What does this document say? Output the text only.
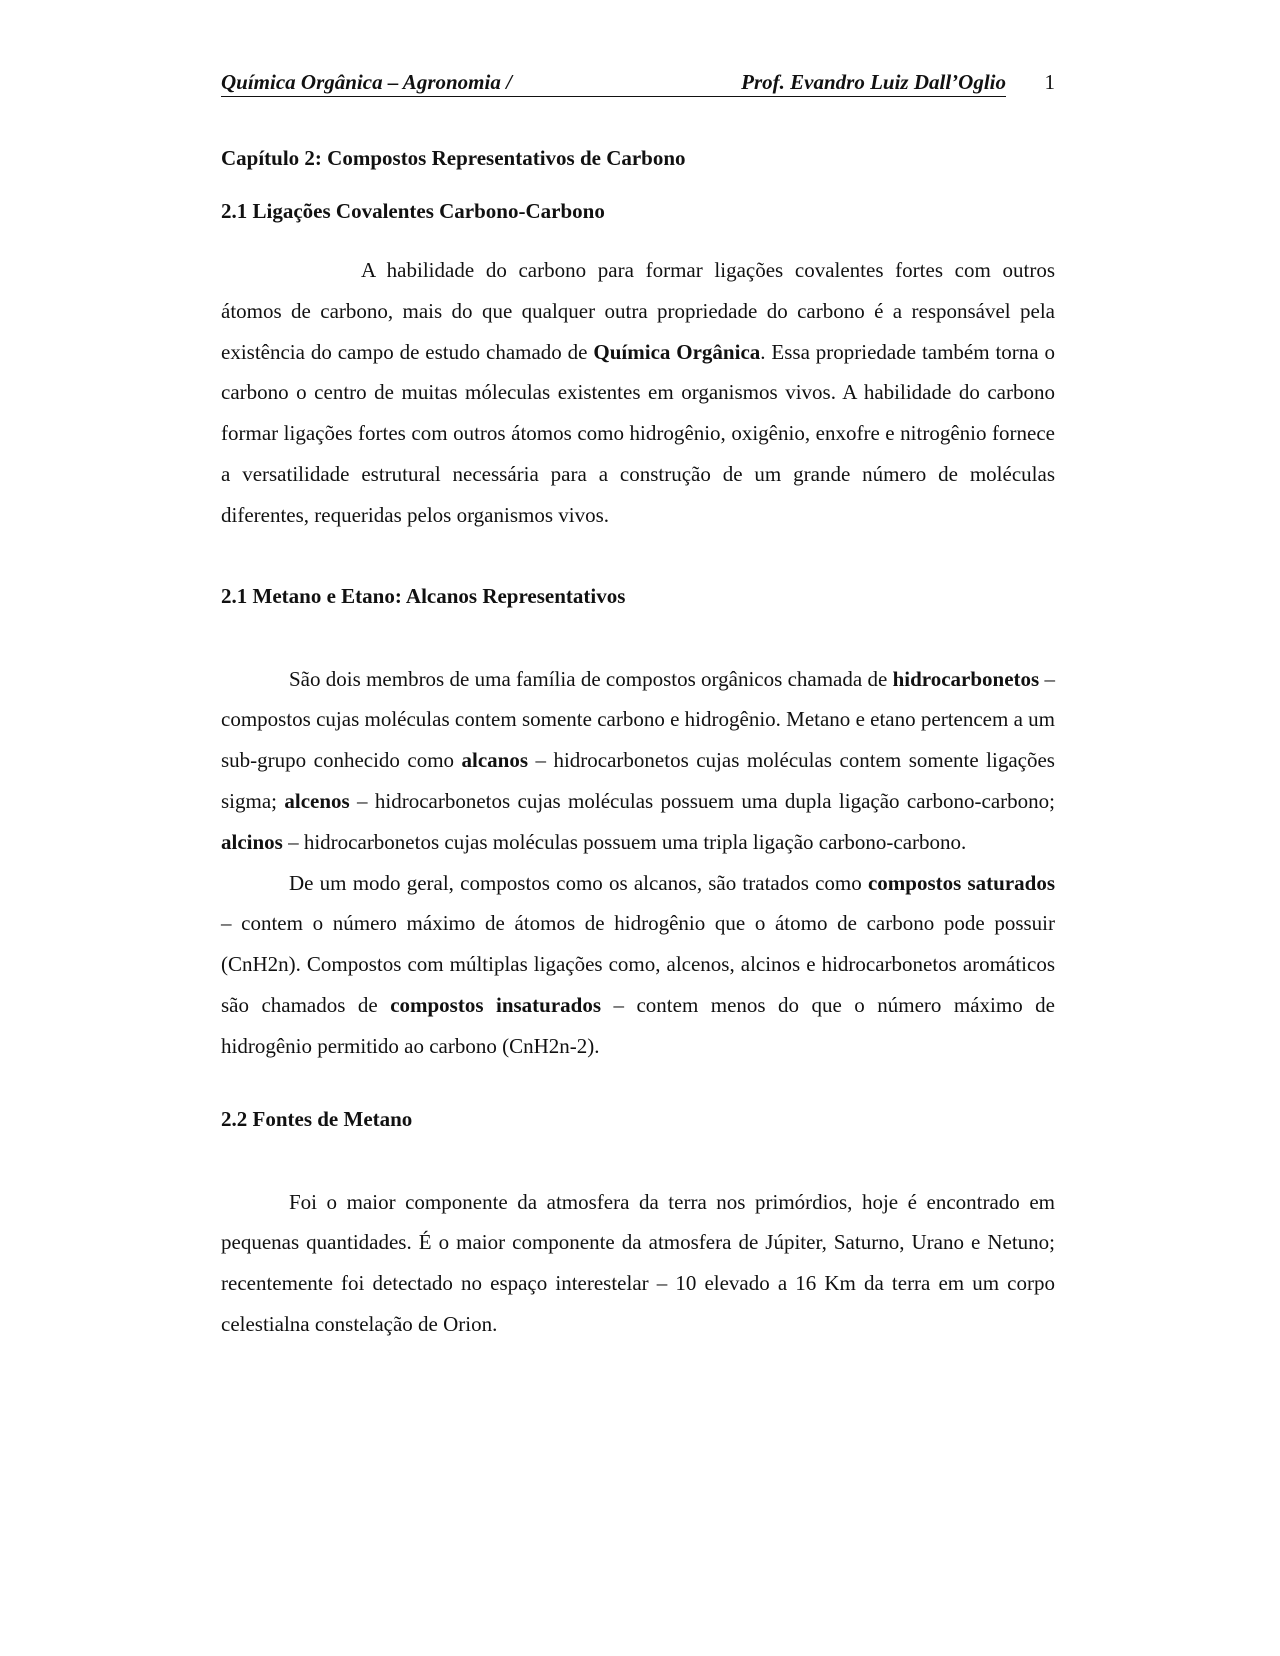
Química Orgânica – Agronomia /	Prof. Evandro Luiz Dall’Oglio 1
Capítulo 2: Compostos Representativos de Carbono
2.1 Ligações Covalentes Carbono-Carbono

A habilidade do carbono para formar ligações covalentes fortes com outros átomos de carbono, mais do que qualquer outra propriedade do carbono é a responsável pela existência do campo de estudo chamado de Química Orgânica. Essa propriedade também torna o carbono o centro de muitas móleculas existentes em organismos vivos. A habilidade do carbono formar ligações fortes com outros átomos como hidrogênio, oxigênio, enxofre e nitrogênio fornece a versatilidade estrutural necessária para a construção de um grande número de moléculas diferentes, requeridas pelos organismos vivos.

2.1 Metano e Etano: Alcanos Representativos

São dois membros de uma família de compostos orgânicos chamada de hidrocarbonetos – compostos cujas moléculas contem somente carbono e hidrogênio. Metano e etano pertencem a um sub-grupo conhecido como alcanos – hidrocarbonetos cujas moléculas contem somente ligações sigma; alcenos – hidrocarbonetos cujas moléculas possuem uma dupla ligação carbono-carbono; alcinos – hidrocarbonetos cujas moléculas possuem uma tripla ligação carbono-carbono.

De um modo geral, compostos como os alcanos, são tratados como compostos saturados – contem o número máximo de átomos de hidrogênio que o átomo de carbono pode possuir (CnH2n). Compostos com múltiplas ligações como, alcenos, alcinos e hidrocarbonetos aromáticos são chamados de compostos insaturados – contem menos do que o número máximo de hidrogênio permitido ao carbono (CnH2n-2).

2.2 Fontes de Metano

Foi o maior componente da atmosfera da terra nos primórdios, hoje é encontrado em pequenas quantidades. É o maior componente da atmosfera de Júpiter, Saturno, Urano e Netuno; recentemente foi detectado no espaço interestelar – 10 elevado a 16 Km da terra em um corpo celestialna constelação de Orion.
